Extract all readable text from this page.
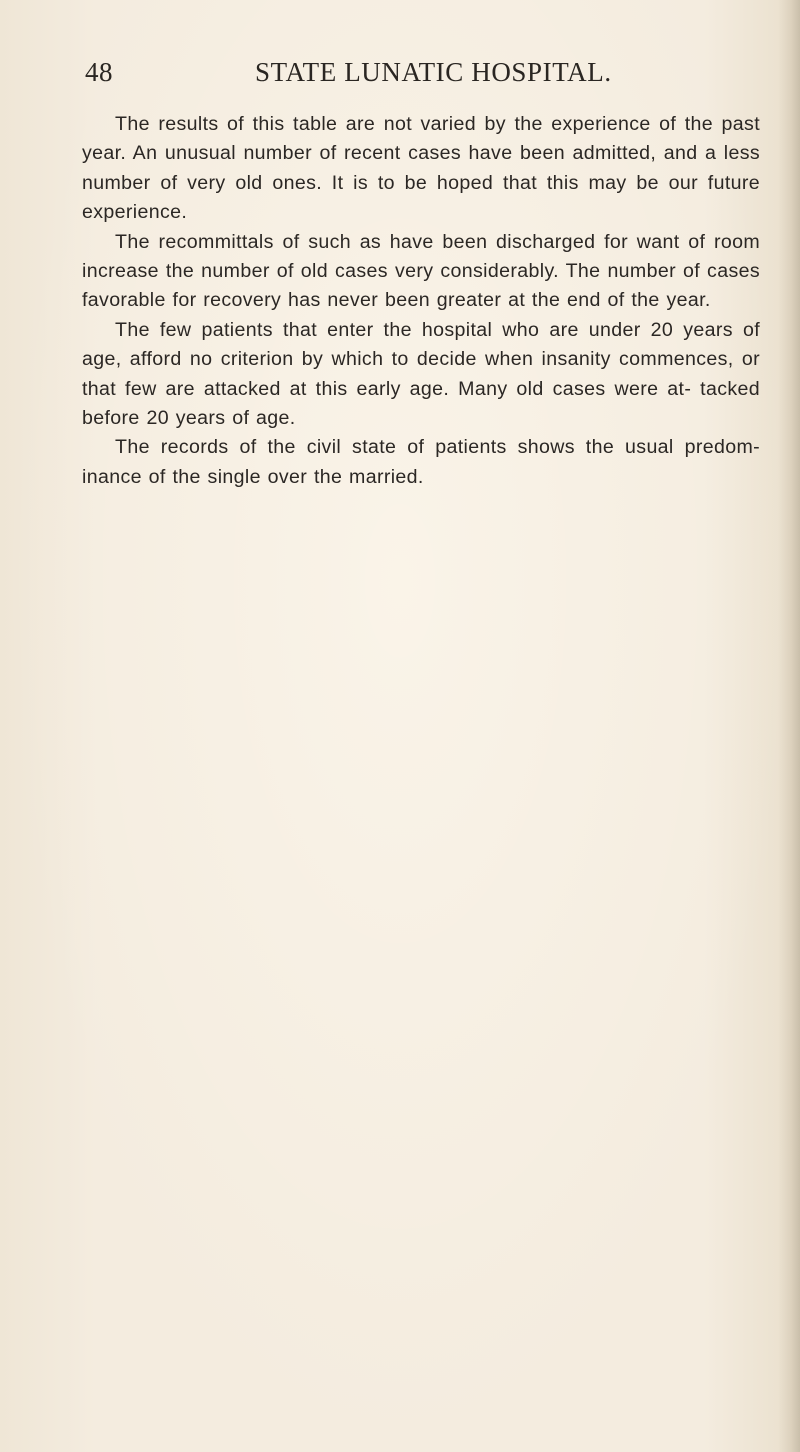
48	STATE LUNATIC HOSPITAL.

The results of this table are not varied by the experience of the past year. An unusual number of recent cases have been admitted, and a less number of very old ones. It is to be hoped that this may be our future experience.

The recommittals of such as have been discharged for want of room increase the number of old cases very considerably. The number of cases favorable for recovery has never been greater at the end of the year.

The few patients that enter the hospital who are under 20 years of age, afford no criterion by which to decide when insanity commences, or that few are attacked at this early age. Many old cases were at- tacked before 20 years of age.

The records of the civil state of patients shows the usual predom- inance of the single over the married.
